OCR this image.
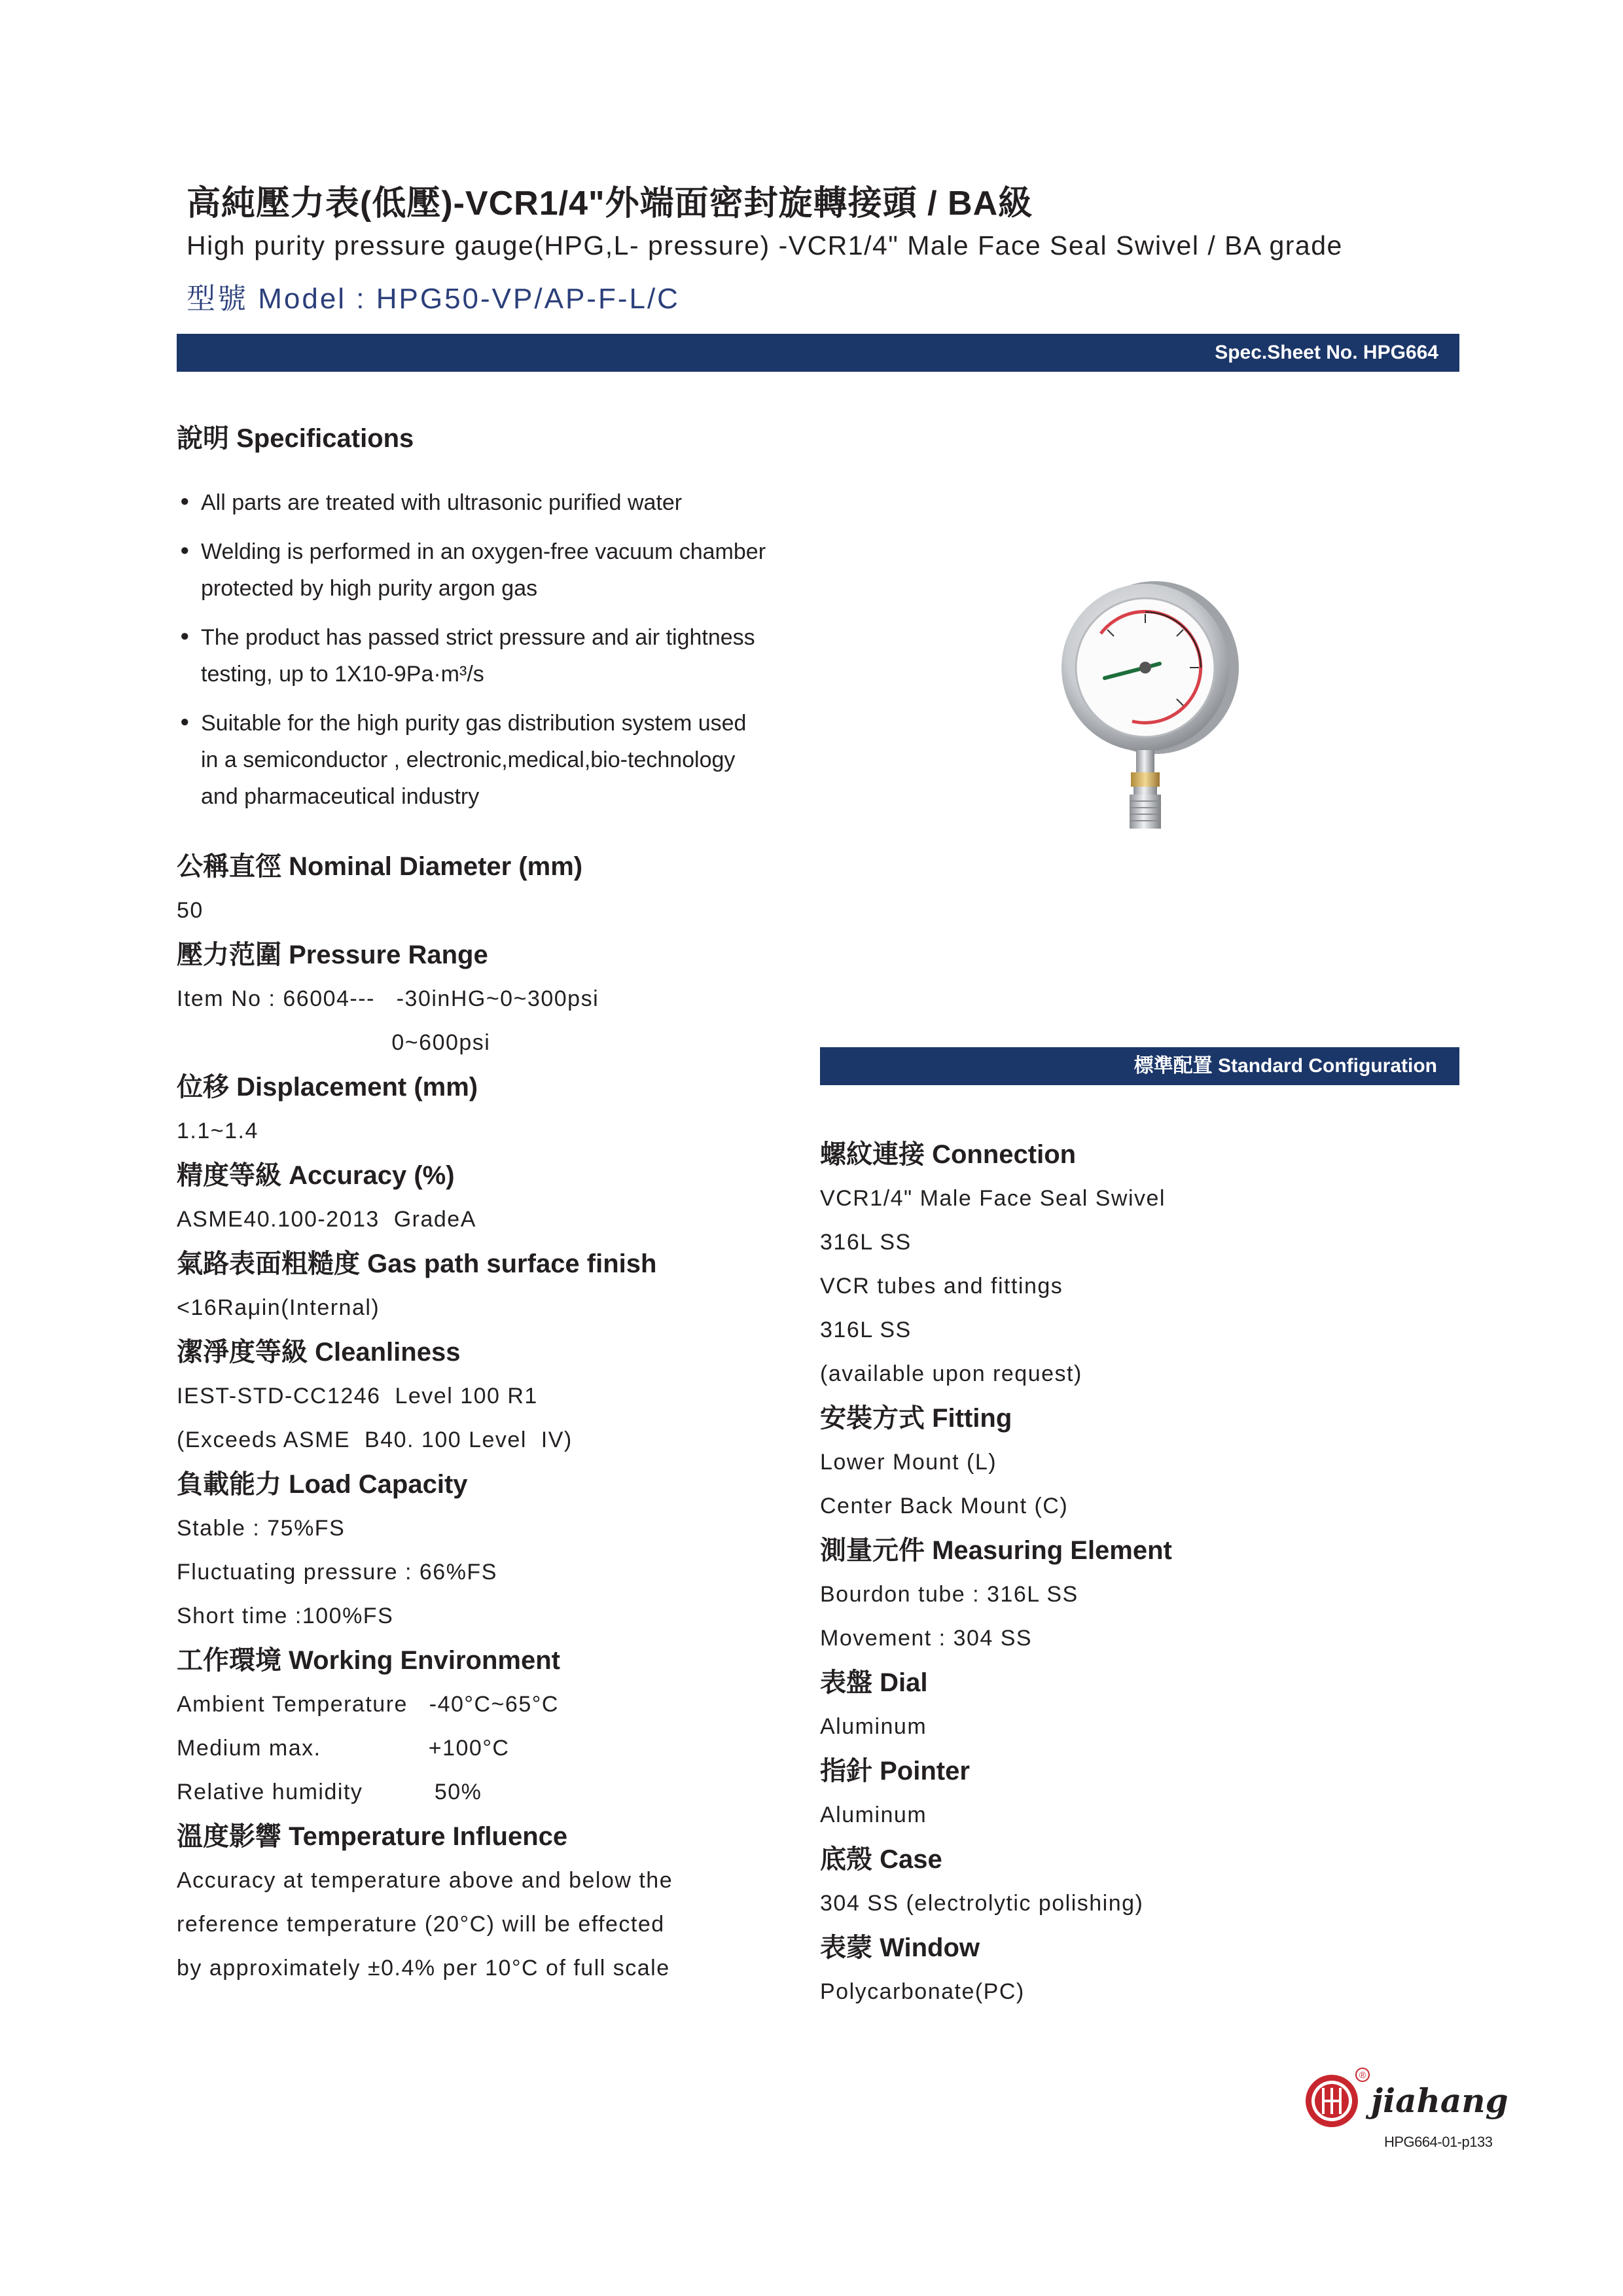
高純壓力表(低壓)-VCR1/4"外端面密封旋轉接頭 / BA級
High purity pressure gauge(HPG,L- pressure) -VCR1/4" Male Face Seal Swivel / BA grade
型號 Model : HPG50-VP/AP-F-L/C
Spec.Sheet No. HPG664
說明 Specifications
● All parts are treated with ultrasonic purified water
● Welding is performed in an oxygen-free vacuum chamber protected by high purity argon gas
● The product has passed strict pressure and air tightness testing, up to 1X10-9Pa·m³/s
● Suitable for the high purity gas distribution system used in a semiconductor , electronic,medical,bio-technology and pharmaceutical industry
標準配置 Standard Configuration
公稱直徑 Nominal Diameter (mm)
50
壓力范圍 Pressure Range
Item No : 66004---   -30inHG~0~300psi
0~600psi
位移 Displacement (mm)
1.1~1.4
精度等級 Accuracy (%)
ASME40.100-2013  GradeA
氣路表面粗糙度 Gas path surface finish
<16Raμin(Internal)
潔淨度等級 Cleanliness
IEST-STD-CC1246  Level 100 R1
(Exceeds ASME  B40. 100 Level  IV)
負載能力 Load Capacity
Stable : 75%FS
Fluctuating pressure : 66%FS
Short time :100%FS
工作環境 Working Environment
Ambient Temperature   -40°C~65°C
Medium max.               +100°C
Relative humidity          50%
溫度影響 Temperature Influence
Accuracy at temperature above and below the
reference temperature (20°C) will be effected
by approximately ±0.4% per 10°C of full scale
螺紋連接 Connection
VCR1/4" Male Face Seal Swivel
316L SS
VCR tubes and fittings
316L SS
(available upon request)
安裝方式 Fitting
Lower Mount (L)
Center Back Mount (C)
測量元件 Measuring Element
Bourdon tube : 316L SS
Movement : 304 SS
表盤 Dial
Aluminum
指針 Pointer
Aluminum
底殼 Case
304 SS (electrolytic polishing)
表蒙 Window
Polycarbonate(PC)
®
jiahang
HPG664-01-p133
